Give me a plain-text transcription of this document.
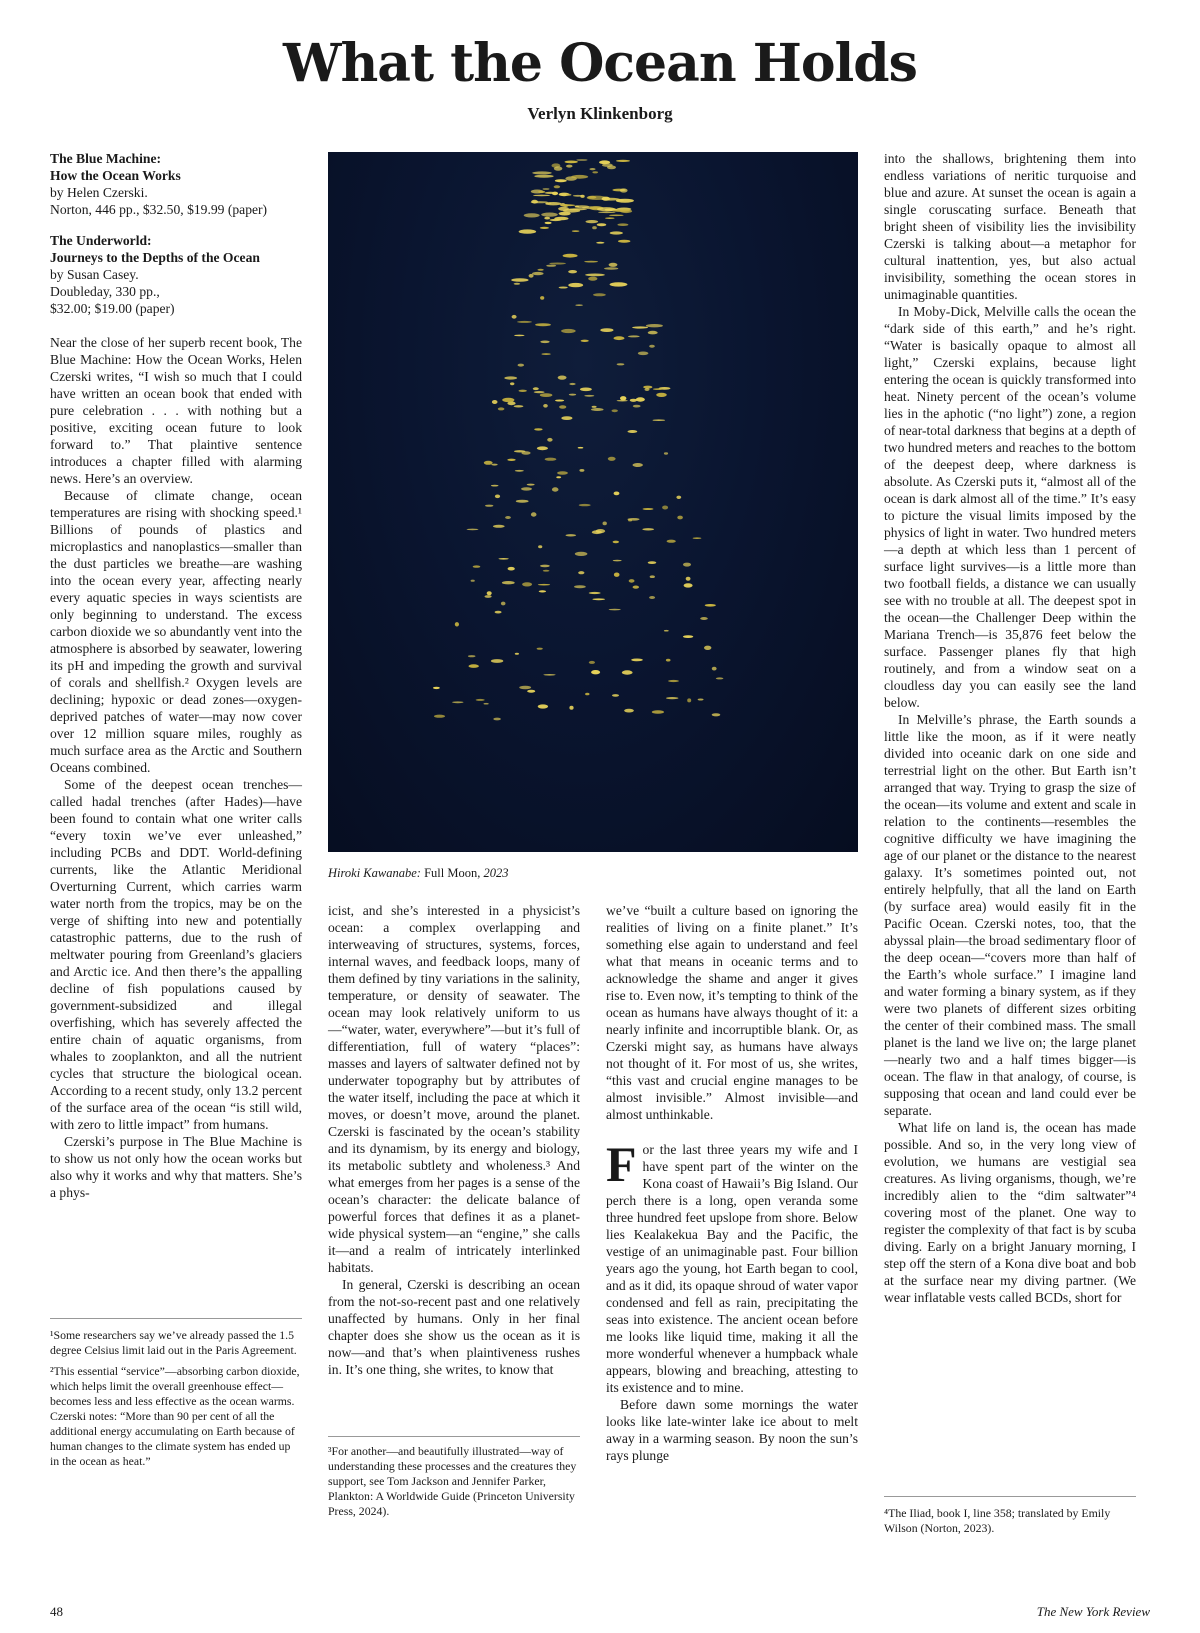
What the Ocean Holds
Verlyn Klinkenborg
The Blue Machine:
How the Ocean Works
by Helen Czerski.
Norton, 446 pp., $32.50, $19.99 (paper)
The Underworld:
Journeys to the Depths of the Ocean
by Susan Casey.
Doubleday, 330 pp.,
$32.00; $19.00 (paper)

Near the close of her superb recent book, The Blue Machine: How the Ocean Works, Helen Czerski writes, “I wish so much that I could have written an ocean book that ended with pure celebration . . . with nothing but a positive, exciting ocean future to look forward to.” That plaintive sentence introduces a chapter filled with alarming news. Here’s an overview.

Because of climate change, ocean temperatures are rising with shocking speed.¹ Billions of pounds of plastics and microplastics and nanoplastics—smaller than the dust particles we breathe—are washing into the ocean every year, affecting nearly every aquatic species in ways scientists are only beginning to understand. The excess carbon dioxide we so abundantly vent into the atmosphere is absorbed by seawater, lowering its pH and impeding the growth and survival of corals and shellfish.² Oxygen levels are declining; hypoxic or dead zones—oxygen-deprived patches of water—may now cover over 12 million square miles, roughly as much surface area as the Arctic and Southern Oceans combined.

Some of the deepest ocean trenches—called hadal trenches (after Hades)—have been found to contain what one writer calls “every toxin we’ve ever unleashed,” including PCBs and DDT. World-defining currents, like the Atlantic Meridional Overturning Current, which carries warm water north from the tropics, may be on the verge of shifting into new and potentially catastrophic patterns, due to the rush of meltwater pouring from Greenland’s glaciers and Arctic ice. And then there’s the appalling decline of fish populations caused by government-subsidized and illegal overfishing, which has severely affected the entire chain of aquatic organisms, from whales to zooplankton, and all the nutrient cycles that structure the biological ocean. According to a recent study, only 13.2 percent of the surface area of the ocean “is still wild, with zero to little impact” from humans.

Czerski’s purpose in The Blue Machine is to show us not only how the ocean works but also why it works and why that matters. She’s a phys-

¹Some researchers say we’ve already passed the 1.5 degree Celsius limit laid out in the Paris Agreement.

²This essential “service”—absorbing carbon dioxide, which helps limit the overall greenhouse effect—becomes less and less effective as the ocean warms. Czerski notes: “More than 90 per cent of all the additional energy accumulating on Earth because of human changes to the climate system has ended up in the ocean as heat.”

Hiroki Kawanabe: Full Moon, 2023

icist, and she’s interested in a physicist’s ocean: a complex overlapping and interweaving of structures, systems, forces, internal waves, and feedback loops, many of them defined by tiny variations in the salinity, temperature, or density of seawater. The ocean may look relatively uniform to us—“water, water, everywhere”—but it’s full of differentiation, full of watery “places”: masses and layers of saltwater defined not by underwater topography but by attributes of the water itself, including the pace at which it moves, or doesn’t move, around the planet. Czerski is fascinated by the ocean’s stability and its dynamism, by its energy and biology, its metabolic subtlety and wholeness.³ And what emerges from her pages is a sense of the ocean’s character: the delicate balance of powerful forces that defines it as a planet-wide physical system—an “engine,” she calls it—and a realm of intricately interlinked habitats.

In general, Czerski is describing an ocean from the not-so-recent past and one relatively unaffected by humans. Only in her final chapter does she show us the ocean as it is now—and that’s when plaintiveness rushes in. It’s one thing, she writes, to know that

³For another—and beautifully illustrated—way of understanding these processes and the creatures they support, see Tom Jackson and Jennifer Parker, Plankton: A Worldwide Guide (Princeton University Press, 2024).

we’ve “built a culture based on ignoring the realities of living on a finite planet.” It’s something else again to understand and feel what that means in oceanic terms and to acknowledge the shame and anger it gives rise to. Even now, it’s tempting to think of the ocean as humans have always thought of it: a nearly infinite and incorruptible blank. Or, as Czerski might say, as humans have always not thought of it. For most of us, she writes, “this vast and crucial engine manages to be almost invisible.” Almost invisible—and almost unthinkable.

For the last three years my wife and I have spent part of the winter on the Kona coast of Hawaii’s Big Island. Our perch there is a long, open veranda some three hundred feet upslope from shore. Below lies Kealakekua Bay and the Pacific, the vestige of an unimaginable past. Four billion years ago the young, hot Earth began to cool, and as it did, its opaque shroud of water vapor condensed and fell as rain, precipitating the seas into existence. The ancient ocean before me looks like liquid time, making it all the more wonderful whenever a humpback whale appears, blowing and breaching, attesting to its existence and to mine.

Before dawn some mornings the water looks like late-winter lake ice about to melt away in a warming season. By noon the sun’s rays plunge

into the shallows, brightening them into endless variations of neritic turquoise and blue and azure. At sunset the ocean is again a single coruscating surface. Beneath that bright sheen of visibility lies the invisibility Czerski is talking about—a metaphor for cultural inattention, yes, but also actual invisibility, something the ocean stores in unimaginable quantities.

In Moby-Dick, Melville calls the ocean the “dark side of this earth,” and he’s right. “Water is basically opaque to almost all light,” Czerski explains, because light entering the ocean is quickly transformed into heat. Ninety percent of the ocean’s volume lies in the aphotic (“no light”) zone, a region of near-total darkness that begins at a depth of two hundred meters and reaches to the bottom of the deepest deep, where darkness is absolute. As Czerski puts it, “almost all of the ocean is dark almost all of the time.” It’s easy to picture the visual limits imposed by the physics of light in water. Two hundred meters—a depth at which less than 1 percent of surface light survives—is a little more than two football fields, a distance we can usually see with no trouble at all. The deepest spot in the ocean—the Challenger Deep within the Mariana Trench—is 35,876 feet below the surface. Passenger planes fly that high routinely, and from a window seat on a cloudless day you can easily see the land below.

In Melville’s phrase, the Earth sounds a little like the moon, as if it were neatly divided into oceanic dark on one side and terrestrial light on the other. But Earth isn’t arranged that way. Trying to grasp the size of the ocean—its volume and extent and scale in relation to the continents—resembles the cognitive difficulty we have imagining the age of our planet or the distance to the nearest galaxy. It’s sometimes pointed out, not entirely helpfully, that all the land on Earth (by surface area) would easily fit in the Pacific Ocean. Czerski notes, too, that the abyssal plain—the broad sedimentary floor of the deep ocean—“covers more than half of the Earth’s whole surface.” I imagine land and water forming a binary system, as if they were two planets of different sizes orbiting the center of their combined mass. The small planet is the land we live on; the large planet—nearly two and a half times bigger—is ocean. The flaw in that analogy, of course, is supposing that ocean and land could ever be separate.

What life on land is, the ocean has made possible. And so, in the very long view of evolution, we humans are vestigial sea creatures. As living organisms, though, we’re incredibly alien to the “dim saltwater”⁴ covering most of the planet. One way to register the complexity of that fact is by scuba diving. Early on a bright January morning, I step off the stern of a Kona dive boat and bob at the surface near my diving partner. (We wear inflatable vests called BCDs, short for

⁴The Iliad, book I, line 358; translated by Emily Wilson (Norton, 2023).

48	The New York Review
